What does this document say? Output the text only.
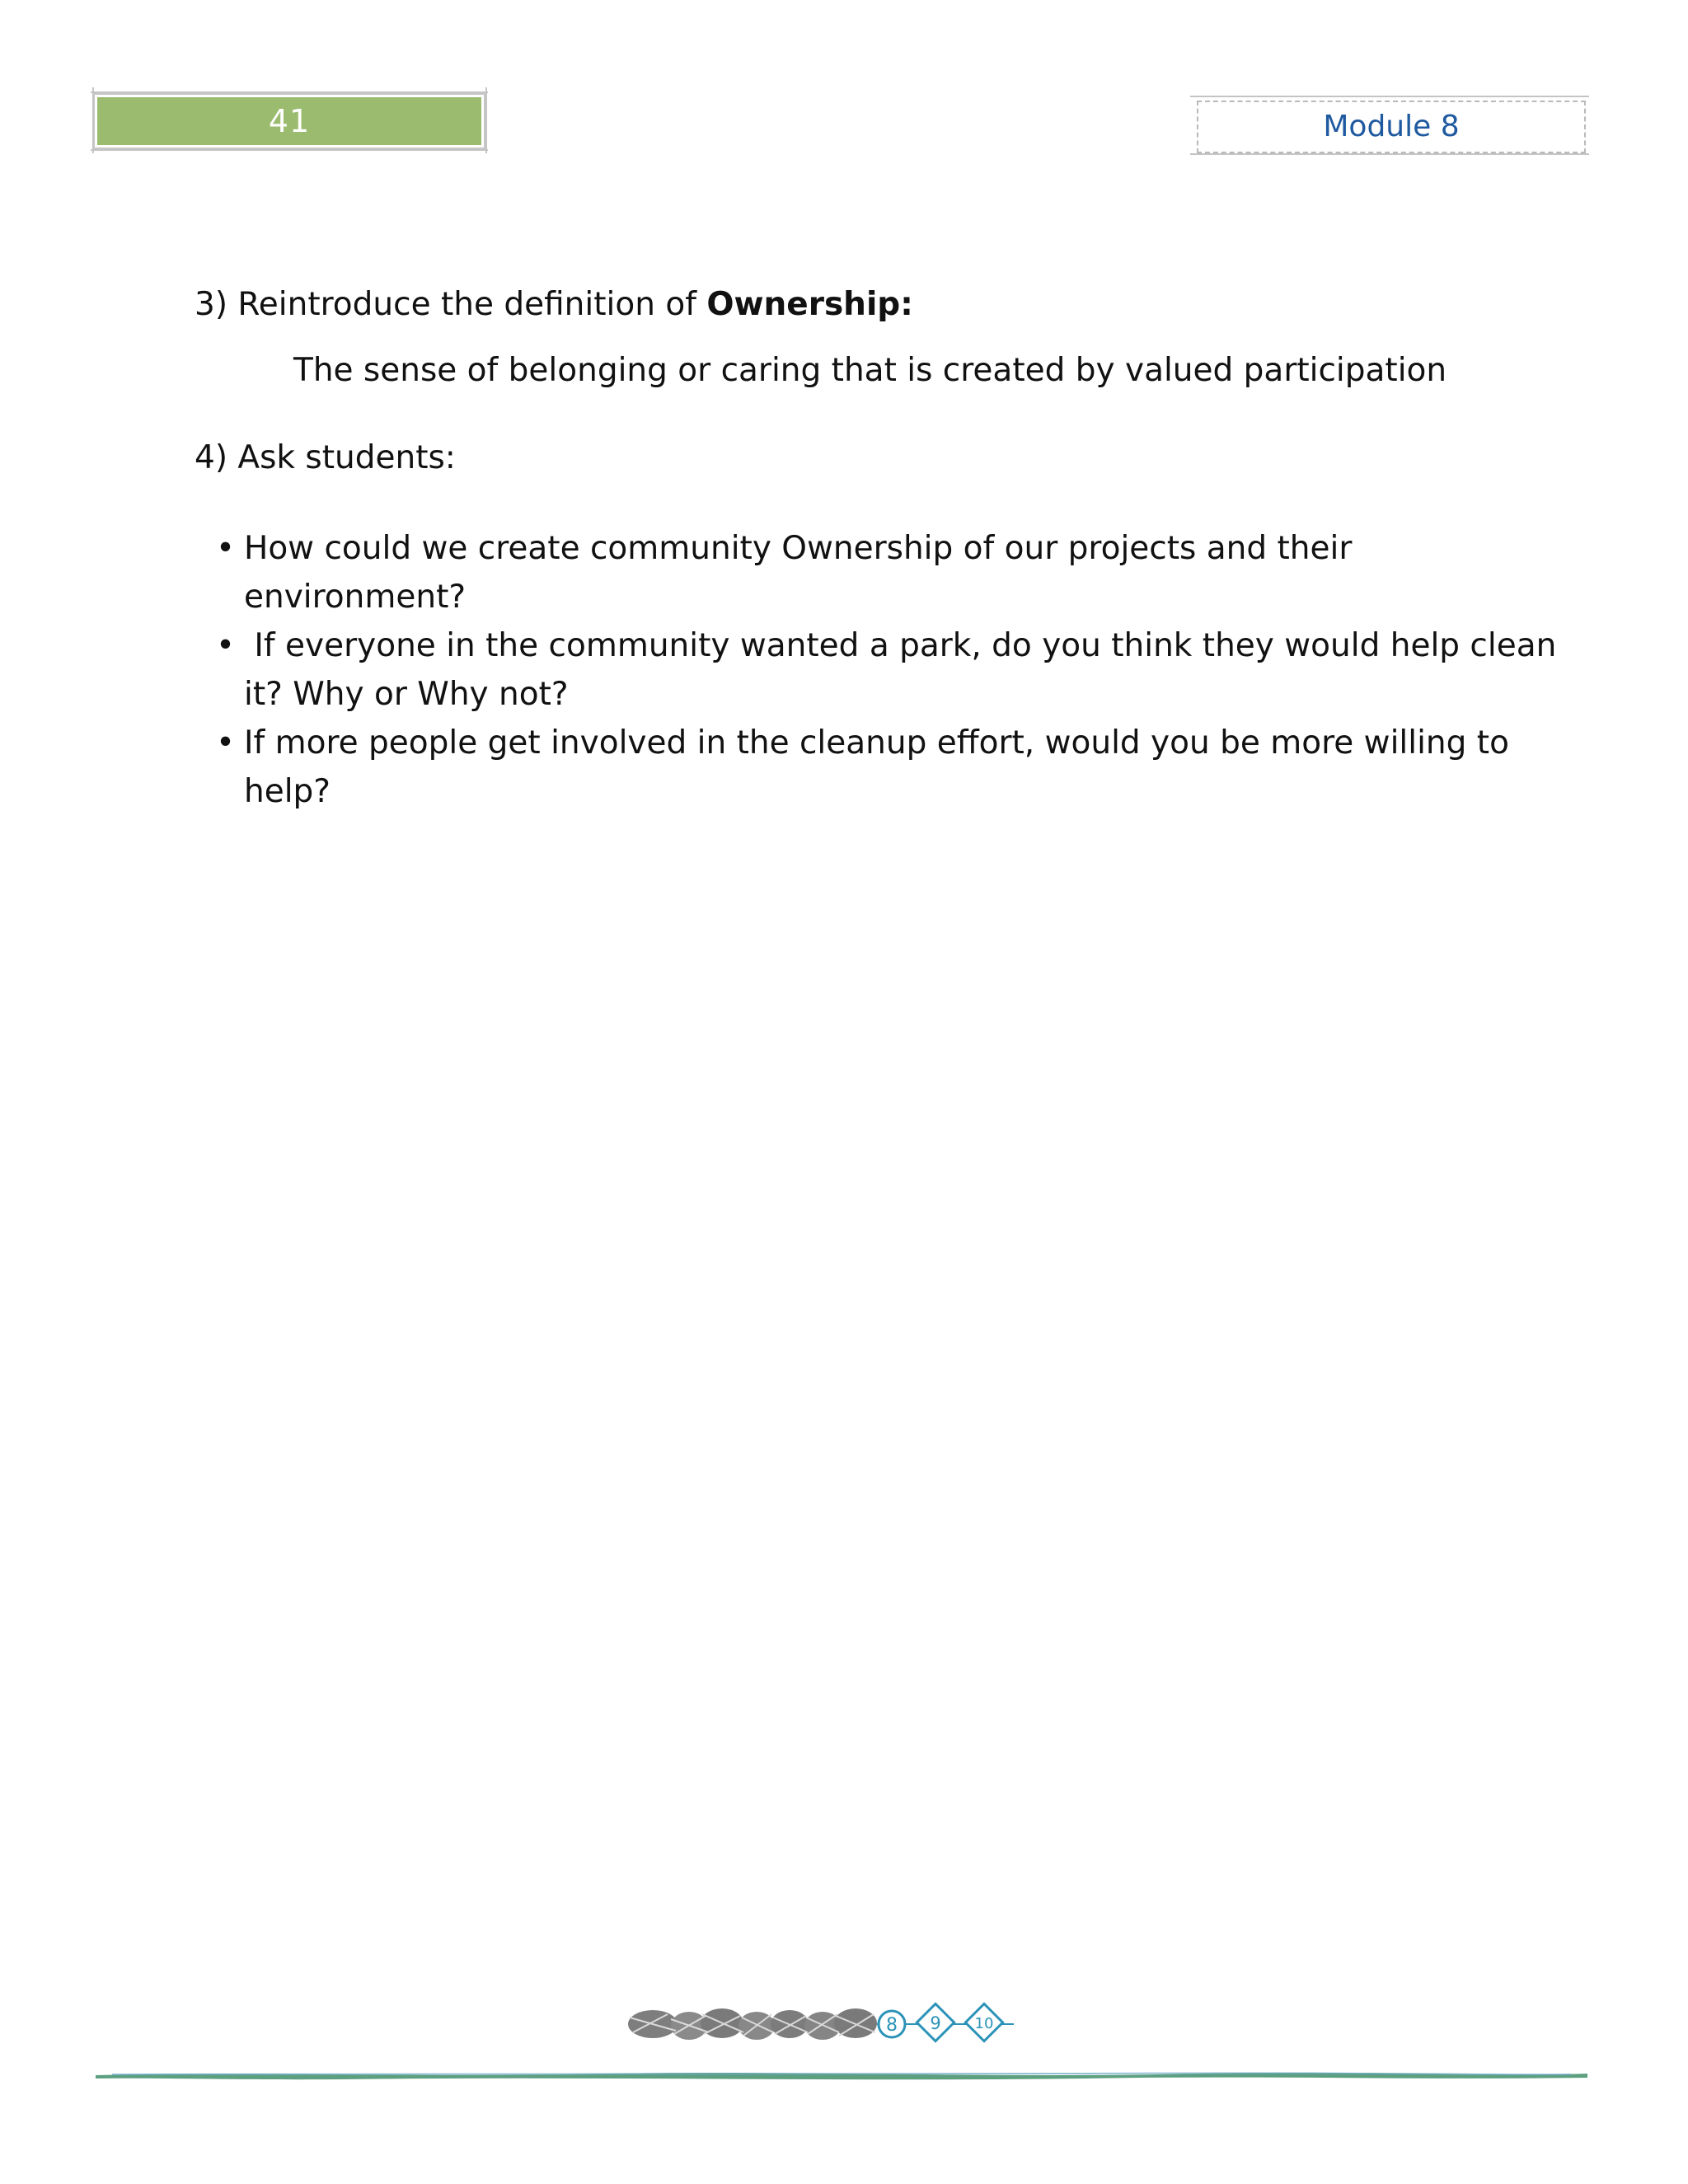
41	Module 8
3) Reintroduce the definition of Ownership:
The sense of belonging or caring that is created by valued participation
4) Ask students:
• How could we create community Ownership of our projects and their environment?
• If everyone in the community wanted a park, do you think they would help clean it? Why or Why not?
• If more people get involved in the cleanup effort, would you be more willing to help?
8 9 10
